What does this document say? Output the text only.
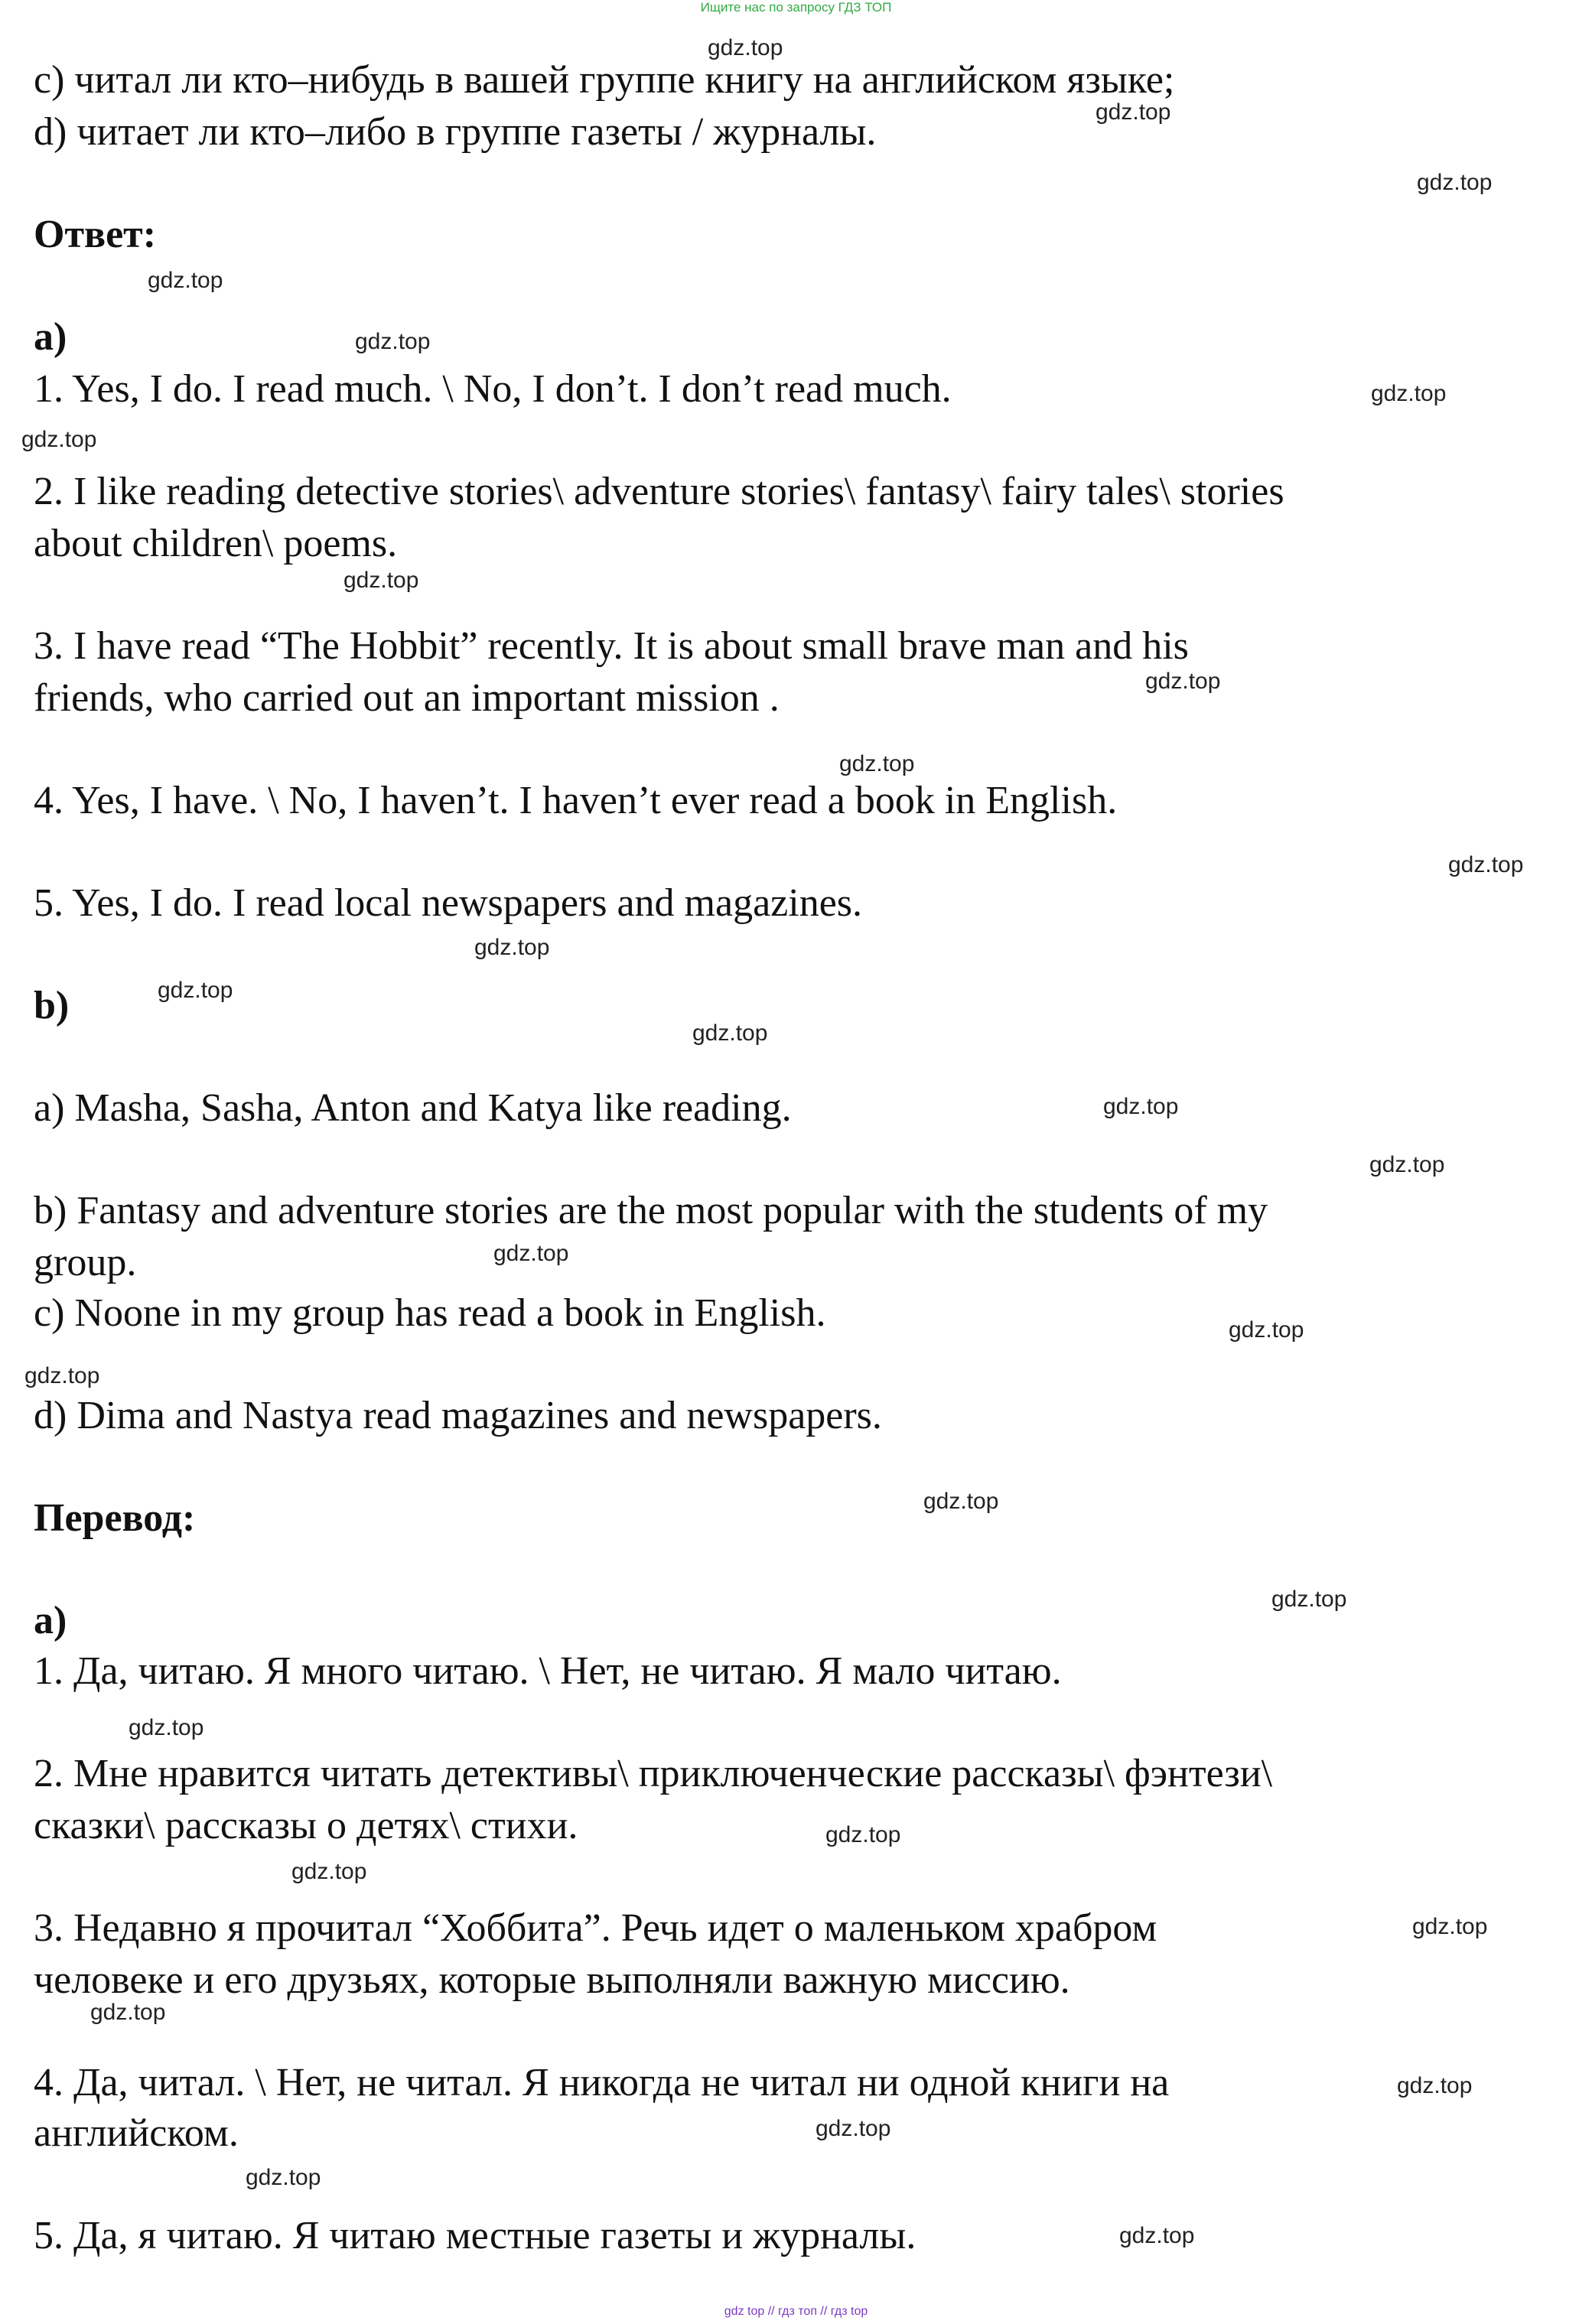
Ищите нас по запросу ГДЗ ТОП
c) читал ли кто–нибудь в вашей группе книгу на английском языке;
d) читает ли кто–либо в группе газеты / журналы.
Ответ:
a)
1. Yes, I do. I read much. \ No, I don’t. I don’t read much.
2. I like reading detective stories\ adventure stories\ fantasy\ fairy tales\ stories
about children\ poems.
3. I have read “The Hobbit” recently. It is about small brave man and his
friends, who carried out an important mission .
4. Yes, I have. \ No, I haven’t. I haven’t ever read a book in English.
5. Yes, I do. I read local newspapers and magazines.
b)
a) Masha, Sasha, Anton and Katya like reading.
b) Fantasy and adventure stories are the most popular with the students of my
group.
c) Noone in my group has read a book in English.
d) Dima and Nastya read magazines and newspapers.
Перевод:
a)
1. Да, читаю. Я много читаю. \ Нет, не читаю. Я мало читаю.
2. Мне нравится читать детективы\ приключенческие рассказы\ фэнтези\
сказки\ рассказы о детях\ стихи.
3. Недавно я прочитал “Хоббита”. Речь идет о маленьком храбром
человеке и его друзьях, которые выполняли важную миссию.
4. Да, читал. \ Нет, не читал. Я никогда не читал ни одной книги на
английском.
5. Да, я читаю. Я читаю местные газеты и журналы.
gdz.top
gdz.top
gdz.top
gdz.top
gdz.top
gdz.top
gdz.top
gdz.top
gdz.top
gdz.top
gdz.top
gdz.top
gdz.top
gdz.top
gdz.top
gdz.top
gdz.top
gdz.top
gdz.top
gdz.top
gdz.top
gdz.top
gdz.top
gdz.top
gdz.top
gdz.top
gdz.top
gdz.top
gdz.top
gdz.top
gdz top // гдз топ // гдз top
